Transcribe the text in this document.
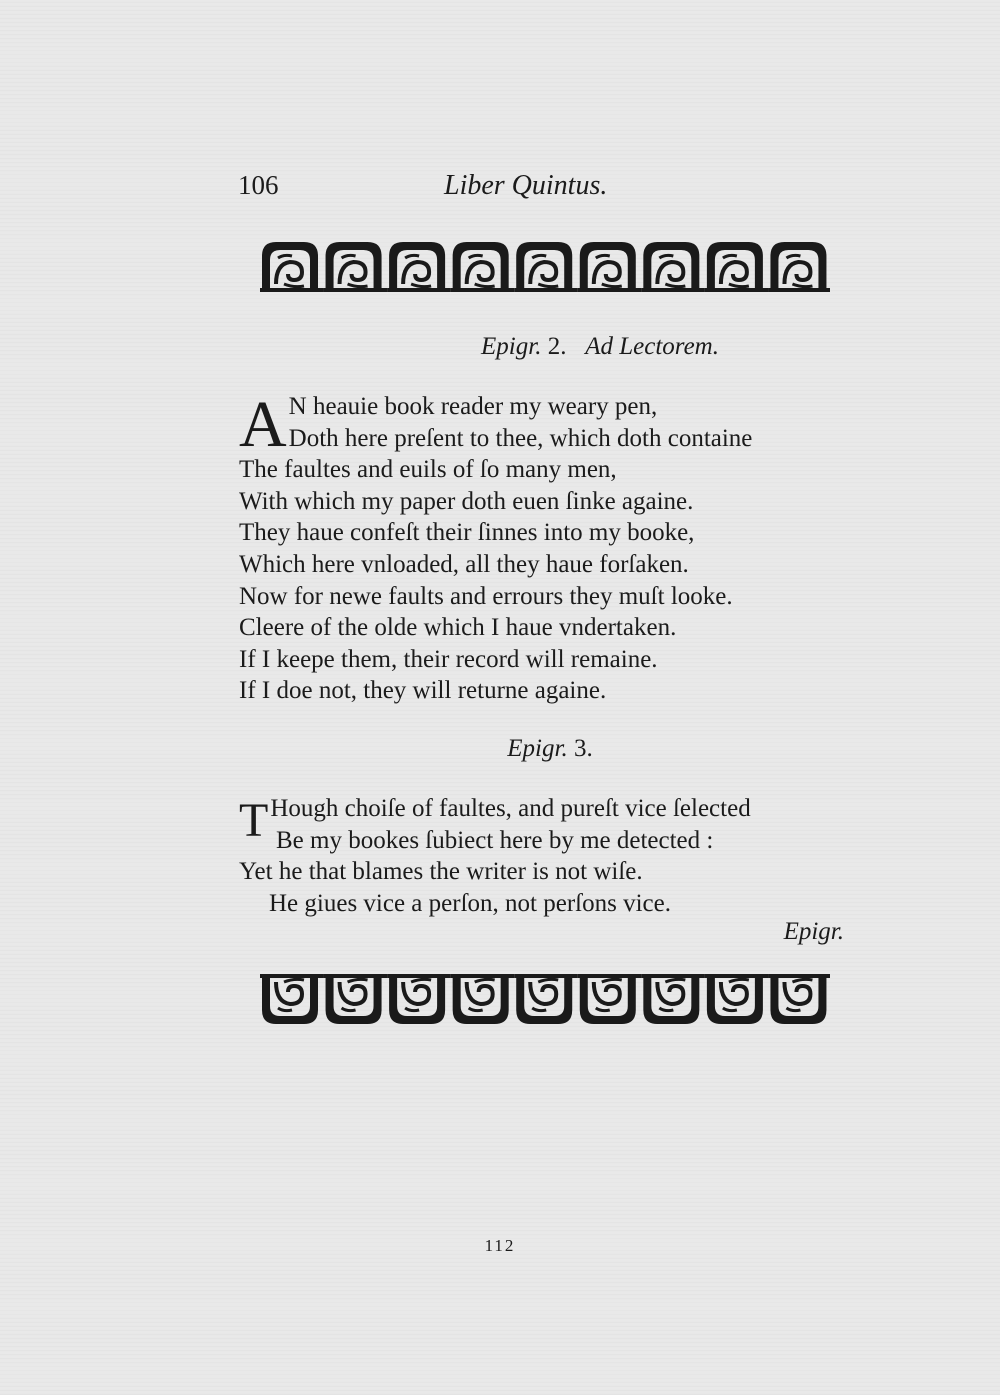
106	Liber Quintus.
Epigr. 2. Ad Lectorem.
A N heauie book reader my weary pen,
Doth here preſent to thee, which doth containe
The faultes and euils of ſo many men,
With which my paper doth euen ſinke againe.
They haue confeſt their ſinnes into my booke,
Which here vnloaded, all they haue forſaken.
Now for newe faults and errours they muſt looke.
Cleere of the olde which I haue vndertaken.
If I keepe them, their record will remaine.
If I doe not, they will returne againe.
Epigr. 3.
T Hough choiſe of faultes, and pureſt vice ſelected
Be my bookes ſubiect here by me detected :
Yet he that blames the writer is not wiſe.
He giues vice a perſon, not perſons vice.
Epigr.
112
